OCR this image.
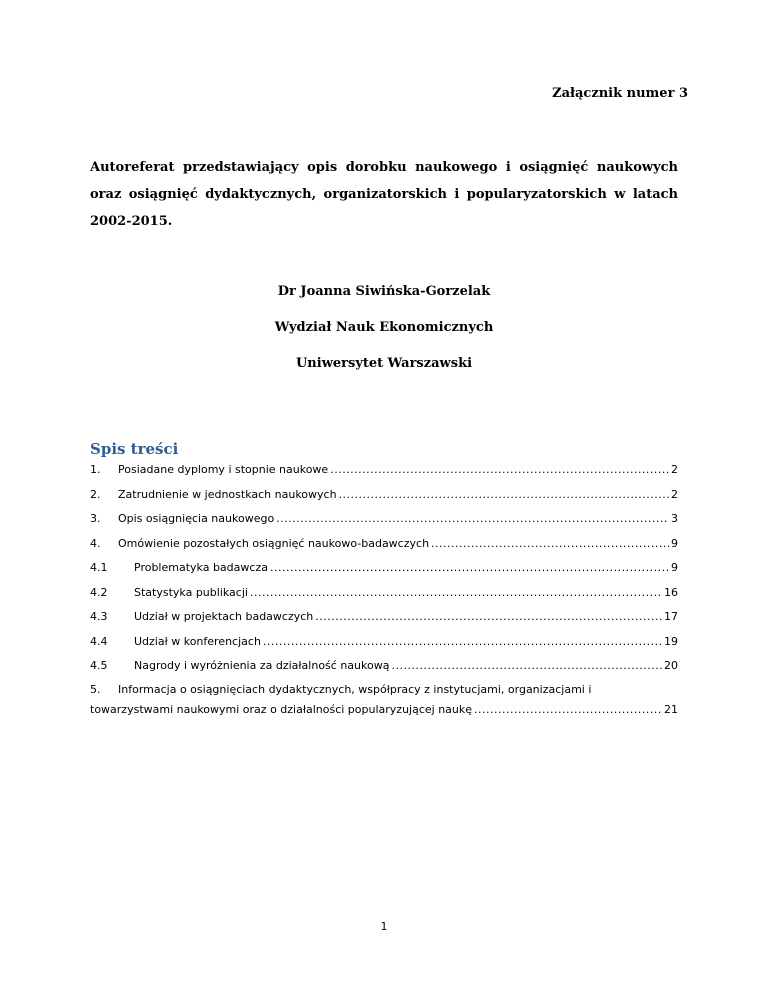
Załącznik numer 3
Autoreferat przedstawiający opis dorobku naukowego i osiągnięć naukowych oraz osiągnięć dydaktycznych, organizatorskich i popularyzatorskich w latach 2002-2015.
Dr Joanna Siwińska-Gorzelak
Wydział Nauk Ekonomicznych
Uniwersytet Warszawski
Spis treści
1.	Posiadane dyplomy i stopnie naukowe .....	2
2.	Zatrudnienie w jednostkach naukowych .....	2
3.	Opis osiągnięcia naukowego .....	3
4.	Omówienie pozostałych osiągnięć naukowo-badawczych .....	9
4.1	Problematyka badawcza .....	9
4.2	Statystyka publikacji .....	16
4.3	Udział w projektach badawczych .....	17
4.4	Udział w konferencjach .....	19
4.5	Nagrody i wyróżnienia za działalność naukową .....	20
5. Informacja o osiągnięciach dydaktycznych, współpracy z instytucjami, organizacjami i
towarzystwami naukowymi oraz o działalności popularyzującej naukę .....	21
1
